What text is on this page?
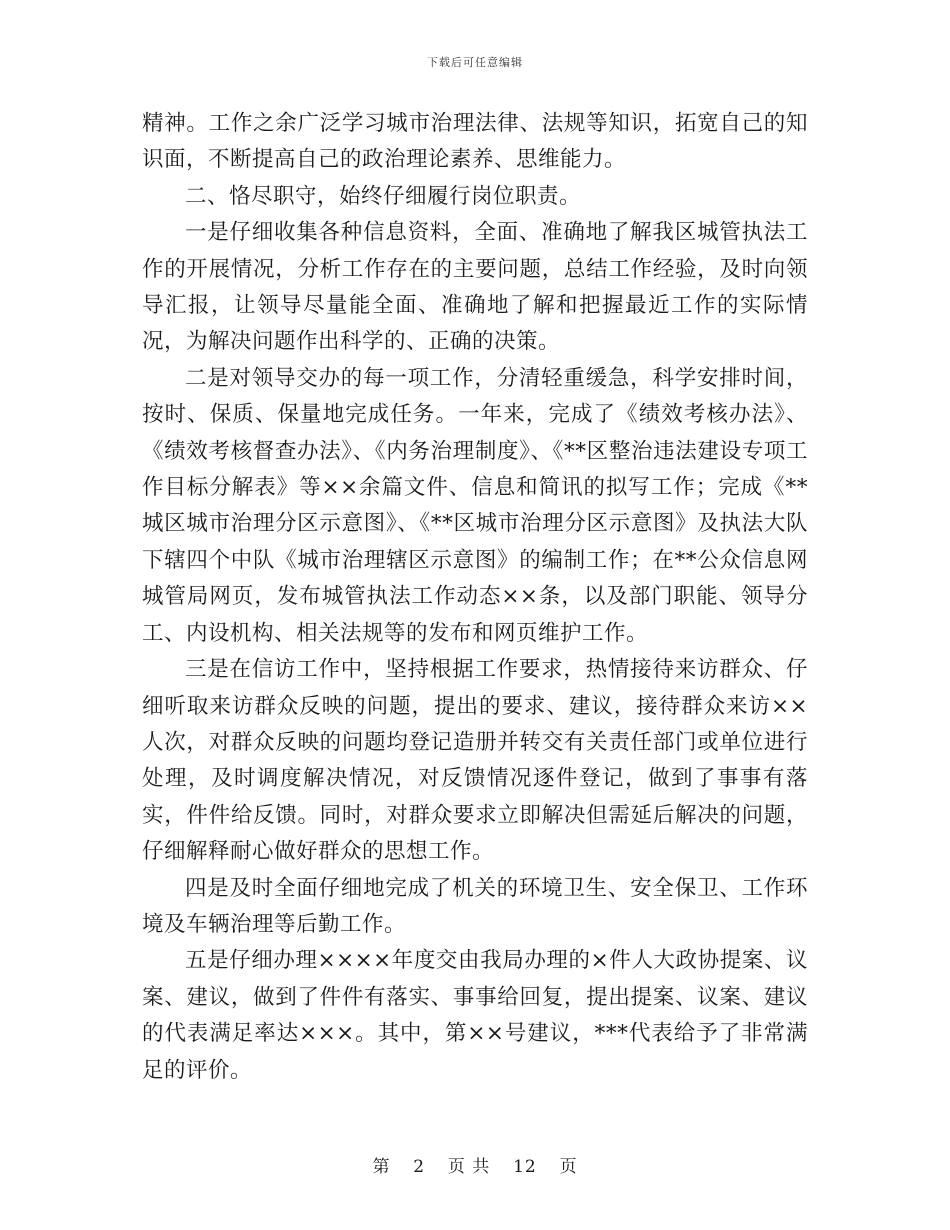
下载后可任意编辑

精神。工作之余广泛学习城市治理法律、法规等知识，拓宽自己的知识面，不断提高自己的政治理论素养、思维能力。

二、恪尽职守，始终仔细履行岗位职责。

一是仔细收集各种信息资料，全面、准确地了解我区城管执法工作的开展情况，分析工作存在的主要问题，总结工作经验，及时向领导汇报，让领导尽量能全面、准确地了解和把握最近工作的实际情况，为解决问题作出科学的、正确的决策。

二是对领导交办的每一项工作，分清轻重缓急，科学安排时间，按时、保质、保量地完成任务。一年来，完成了《绩效考核办法》、《绩效考核督查办法》、《内务治理制度》、《**区整治违法建设专项工作目标分解表》等××余篇文件、信息和简讯的拟写工作；完成《**城区城市治理分区示意图》、《**区城市治理分区示意图》及执法大队下辖四个中队《城市治理辖区示意图》的编制工作；在**公众信息网城管局网页，发布城管执法工作动态××条，以及部门职能、领导分工、内设机构、相关法规等的发布和网页维护工作。

三是在信访工作中，坚持根据工作要求，热情接待来访群众、仔细听取来访群众反映的问题，提出的要求、建议，接待群众来访××人次，对群众反映的问题均登记造册并转交有关责任部门或单位进行处理，及时调度解决情况，对反馈情况逐件登记，做到了事事有落实，件件给反馈。同时，对群众要求立即解决但需延后解决的问题，仔细解释耐心做好群众的思想工作。

四是及时全面仔细地完成了机关的环境卫生、安全保卫、工作环境及车辆治理等后勤工作。

五是仔细办理××××年度交由我局办理的×件人大政协提案、议案、建议，做到了件件有落实、事事给回复，提出提案、议案、建议的代表满足率达×××。其中，第××号建议，***代表给予了非常满足的评价。

第 2 页 共 12 页
